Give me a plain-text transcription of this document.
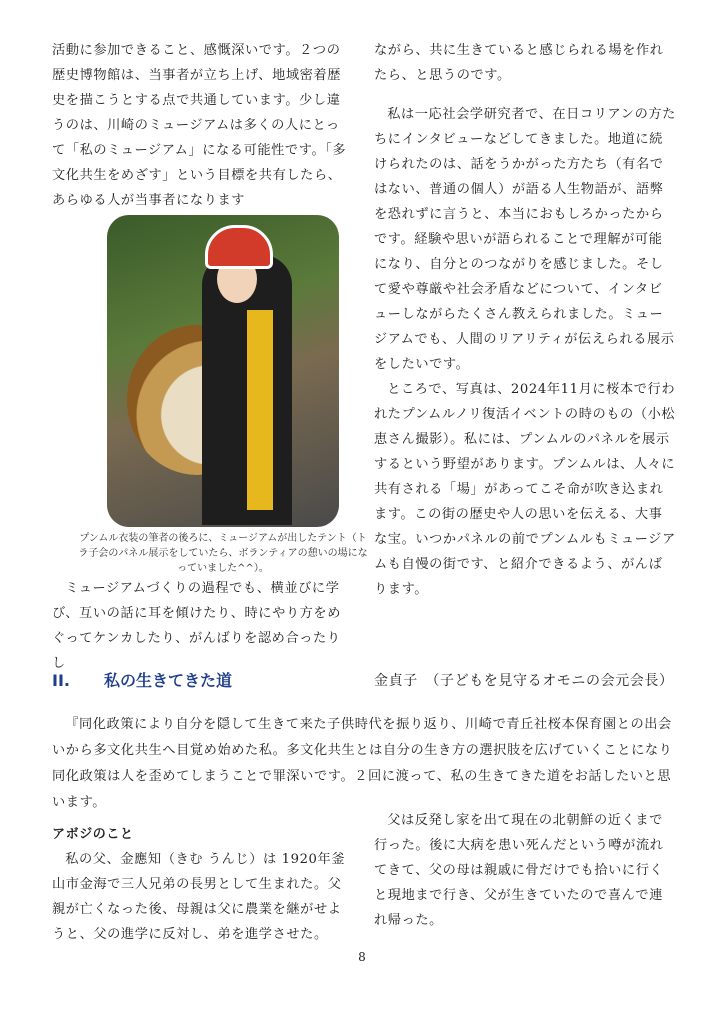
活動に参加できること、感慨深いです。２つの歴史博物館は、当事者が立ち上げ、地域密着歴史を描こうとする点で共通しています。少し違うのは、川崎のミュージアムは多くの人にとって「私のミュージアム」になる可能性です。「多文化共生をめざす」という目標を共有したら、あらゆる人が当事者になります

プンムル衣装の筆者の後ろに、ミュージアムが出したテント（トラ子会のパネル展示をしていたら、ボランティアの憩いの場になっていました^^）。

ミュージアムづくりの過程でも、横並びに学び、互いの話に耳を傾けたり、時にやり方をめぐってケンカしたり、がんばりを認め合ったりし

ながら、共に生きていると感じられる場を作れたら、と思うのです。

私は一応社会学研究者で、在日コリアンの方たちにインタビューなどしてきました。地道に続けられたのは、話をうかがった方たち（有名ではない、普通の個人）が語る人生物語が、語弊を恐れずに言うと、本当におもしろかったからです。経験や思いが語られることで理解が可能になり、自分とのつながりを感じました。そして愛や尊厳や社会矛盾などについて、インタビューしながらたくさん教えられました。ミュージアムでも、人間のリアリティが伝えられる展示をしたいです。

ところで、写真は、2024年11月に桜本で行われたプンムルノリ復活イベントの時のもの（小松恵さん撮影）。私には、プンムルのパネルを展示するという野望があります。プンムルは、人々に共有される「場」があってこそ命が吹き込まれます。この街の歴史や人の思いを伝える、大事な宝。いつかパネルの前でプンムルもミュージアムも自慢の街です、と紹介できるよう、がんばります。

II. 私の生きてきた道	金貞子　（子どもを見守るオモニの会元会長）

『同化政策により自分を隠して生きて来た子供時代を振り返り、川崎で青丘社桜本保育園との出会いから多文化共生へ目覚め始めた私。多文化共生とは自分の生き方の選択肢を広げていくことになり同化政策は人を歪めてしまうことで罪深いです。２回に渡って、私の生きてきた道をお話したいと思います。

アボジのこと

私の父、金應知（きむ うんじ）は 1920年釜山市金海で三人兄弟の長男として生まれた。父親が亡くなった後、母親は父に農業を継がせようと、父の進学に反対し、弟を進学させた。

父は反発し家を出て現在の北朝鮮の近くまで行った。後に大病を患い死んだという噂が流れてきて、父の母は親戚に骨だけでも拾いに行くと現地まで行き、父が生きていたので喜んで連れ帰った。

8
